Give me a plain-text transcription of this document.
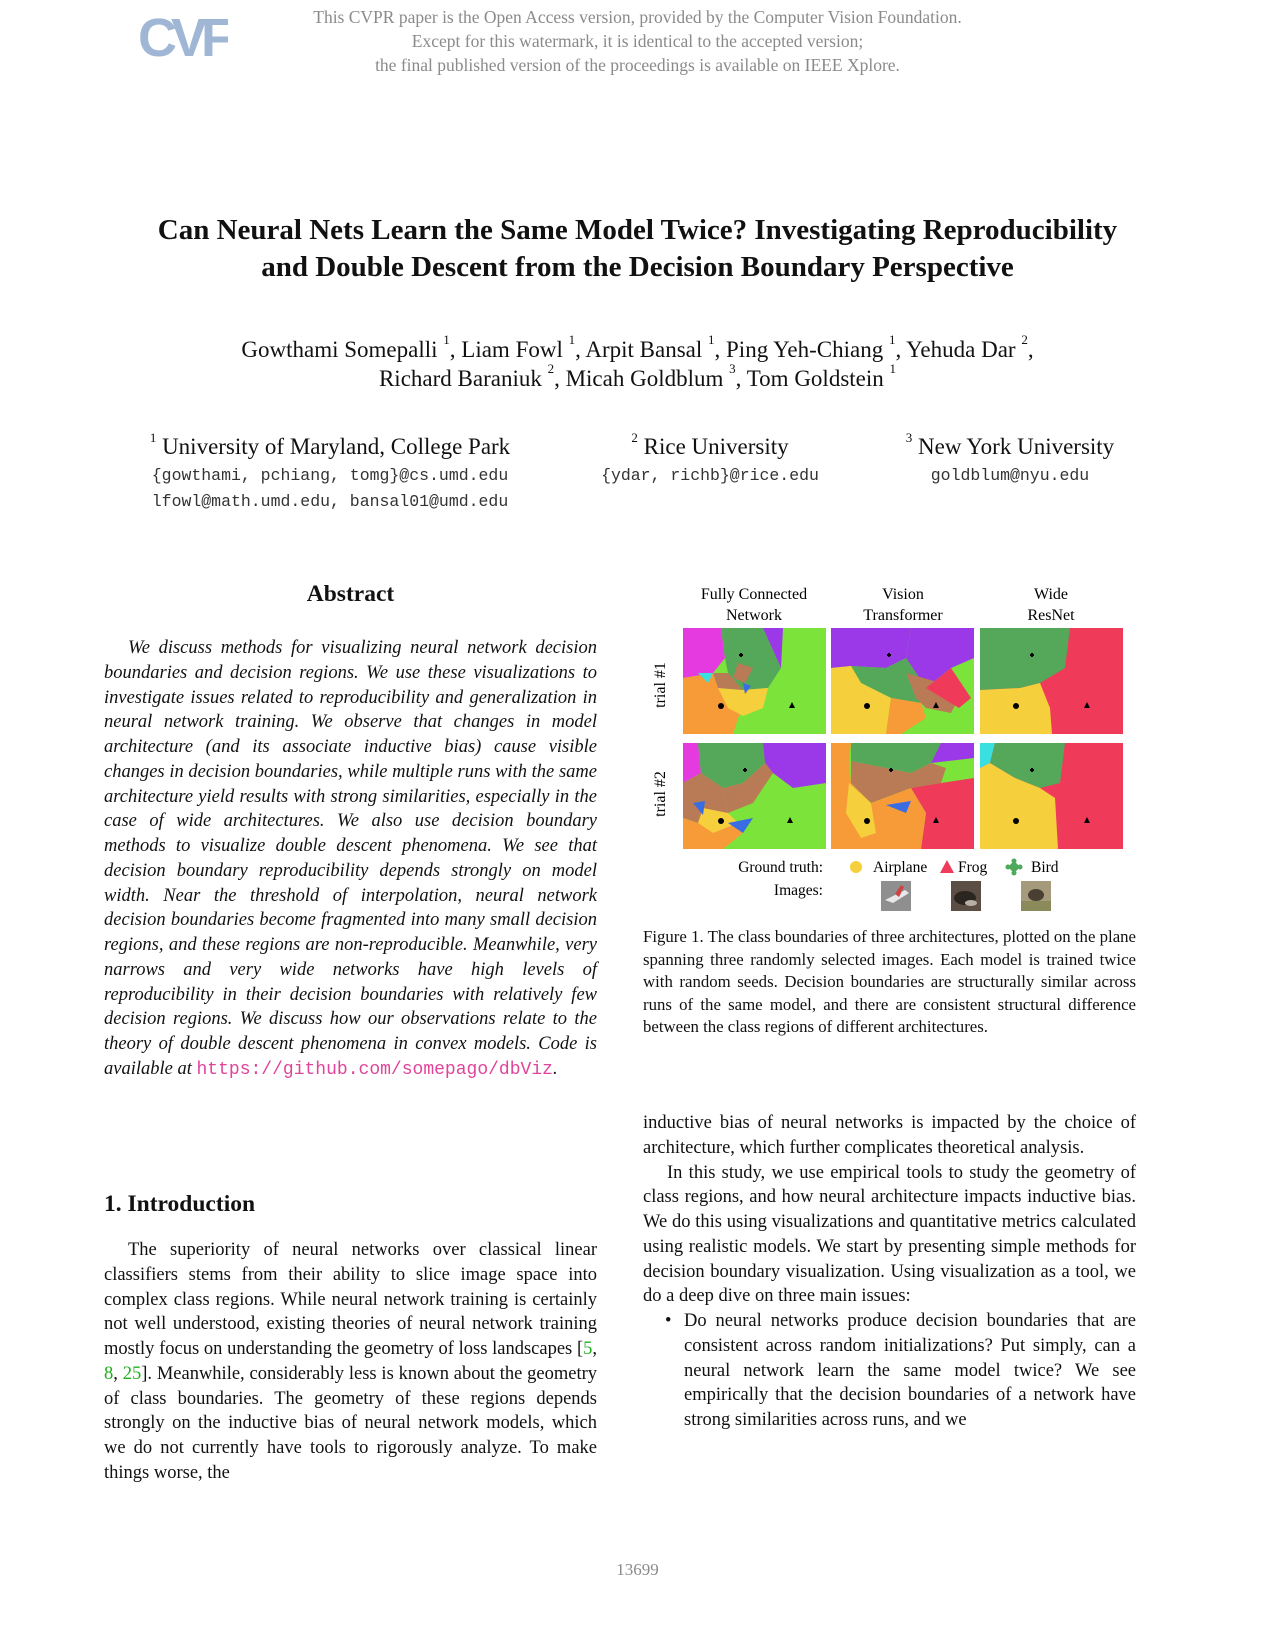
CVF	This CVPR paper is the Open Access version, provided by the Computer Vision Foundation.
Except for this watermark, it is identical to the accepted version;
the final published version of the proceedings is available on IEEE Xplore.
Can Neural Nets Learn the Same Model Twice? Investigating Reproducibility
and Double Descent from the Decision Boundary Perspective
Gowthami Somepalli $^1$, Liam Fowl $^1$, Arpit Bansal $^1$, Ping Yeh-Chiang $^1$, Yehuda Dar $^2$,
Richard Baraniuk $^2$, Micah Goldblum $^3$, Tom Goldstein $^1$
$^1$ University of Maryland, College Park
{gowthami, pchiang, tomg}@cs.umd.edu
lfowl@math.umd.edu, bansal01@umd.edu
$^2$ Rice University
{ydar, richb}@rice.edu
$^3$ New York University
goldblum@nyu.edu
Abstract
We discuss methods for visualizing neural network decision boundaries and decision regions. We use these visualizations to investigate issues related to reproducibility and generalization in neural network training. We observe that changes in model architecture (and its associate inductive bias) cause visible changes in decision boundaries, while multiple runs with the same architecture yield results with strong similarities, especially in the case of wide architectures. We also use decision boundary methods to visualize double descent phenomena. We see that decision boundary reproducibility depends strongly on model width. Near the threshold of interpolation, neural network decision boundaries become fragmented into many small decision regions, and these regions are non-reproducible. Meanwhile, very narrows and very wide networks have high levels of reproducibility in their decision boundaries with relatively few decision regions. We discuss how our observations relate to the theory of double descent phenomena in convex models. Code is available at https://github.com/somepago/dbViz.
1. Introduction
The superiority of neural networks over classical linear classifiers stems from their ability to slice image space into complex class regions. While neural network training is certainly not well understood, existing theories of neural network training mostly focus on understanding the geometry of loss landscapes [5, 8, 25]. Meanwhile, considerably less is known about the geometry of class boundaries. The geometry of these regions depends strongly on the inductive bias of neural network models, which we do not currently have tools to rigorously analyze. To make things worse, the
Fully Connected
Network
Vision
Transformer
Wide
ResNet
trial #1
trial #2
Ground truth:	Airplane Frog	Bird
Images:
Figure 1. The class boundaries of three architectures, plotted on the plane spanning three randomly selected images. Each model is trained twice with random seeds. Decision boundaries are structurally similar across runs of the same model, and there are consistent structural difference between the class regions of different architectures.

inductive bias of neural networks is impacted by the choice of architecture, which further complicates theoretical analysis.

In this study, we use empirical tools to study the geometry of class regions, and how neural architecture impacts inductive bias. We do this using visualizations and quantitative metrics calculated using realistic models. We start by presenting simple methods for decision boundary visualization. Using visualization as a tool, we do a deep dive on three main issues:

• Do neural networks produce decision boundaries that are consistent across random initializations? Put simply, can a neural network learn the same model twice? We see empirically that the decision boundaries of a network have strong similarities across runs, and we
13699
